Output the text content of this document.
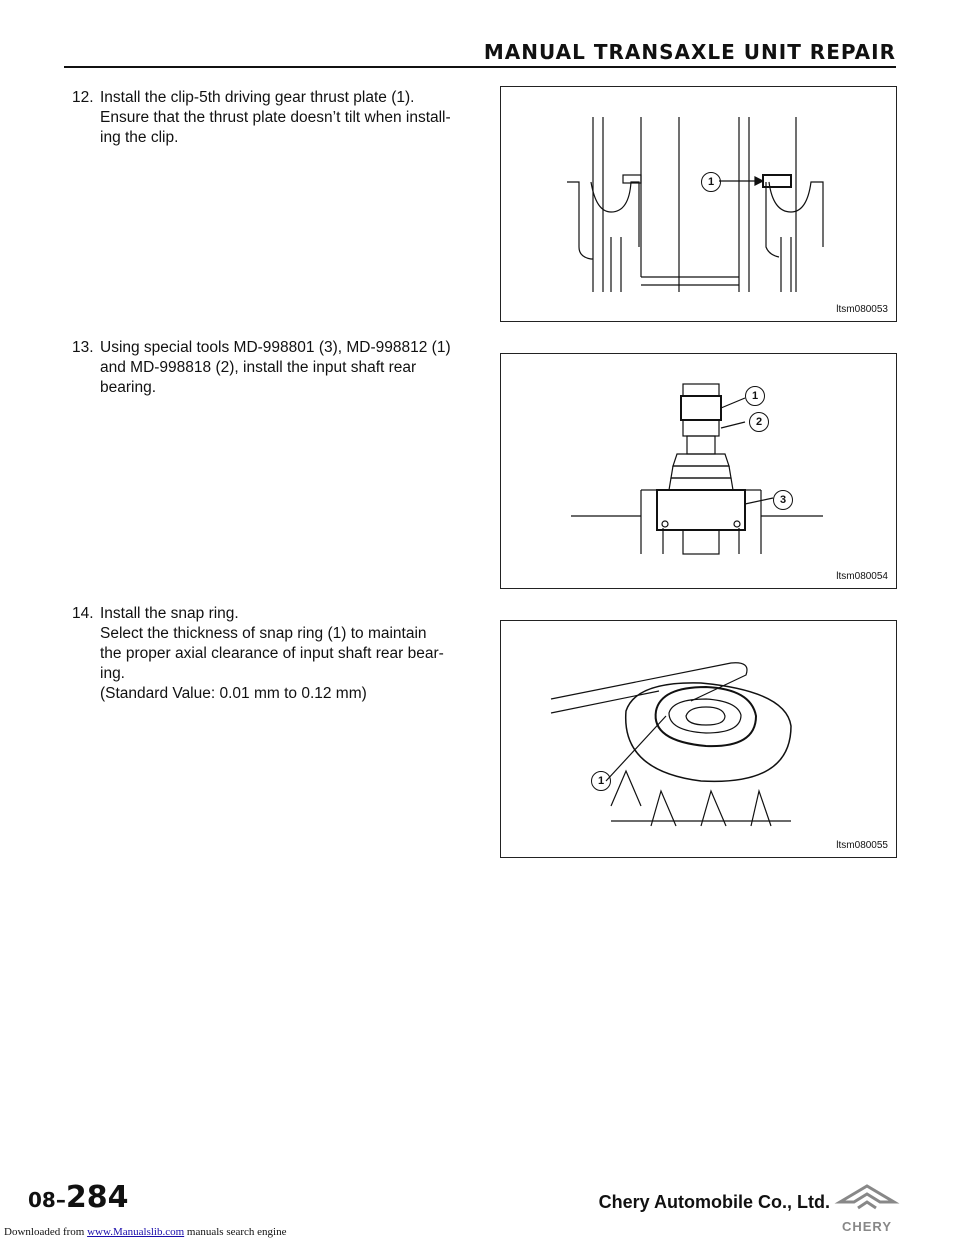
MANUAL TRANSAXLE UNIT REPAIR
12. Install the clip-5th driving gear thrust plate (1).
Ensure that the thrust plate doesn’t tilt when install-
ing the clip.
13. Using special tools MD-998801 (3), MD-998812 (1)
and MD-998818 (2), install the input shaft rear
bearing.
14. Install the snap ring.
Select the thickness of snap ring (1) to maintain
the proper axial clearance of input shaft rear bear-
ing.
(Standard Value: 0.01 mm to 0.12 mm)
1
ltsm080053
1
2
3
ltsm080054
1
ltsm080055
08–284	Chery Automobile Co., Ltd.
CHERY
Downloaded from www.Manualslib.com manuals search engine
